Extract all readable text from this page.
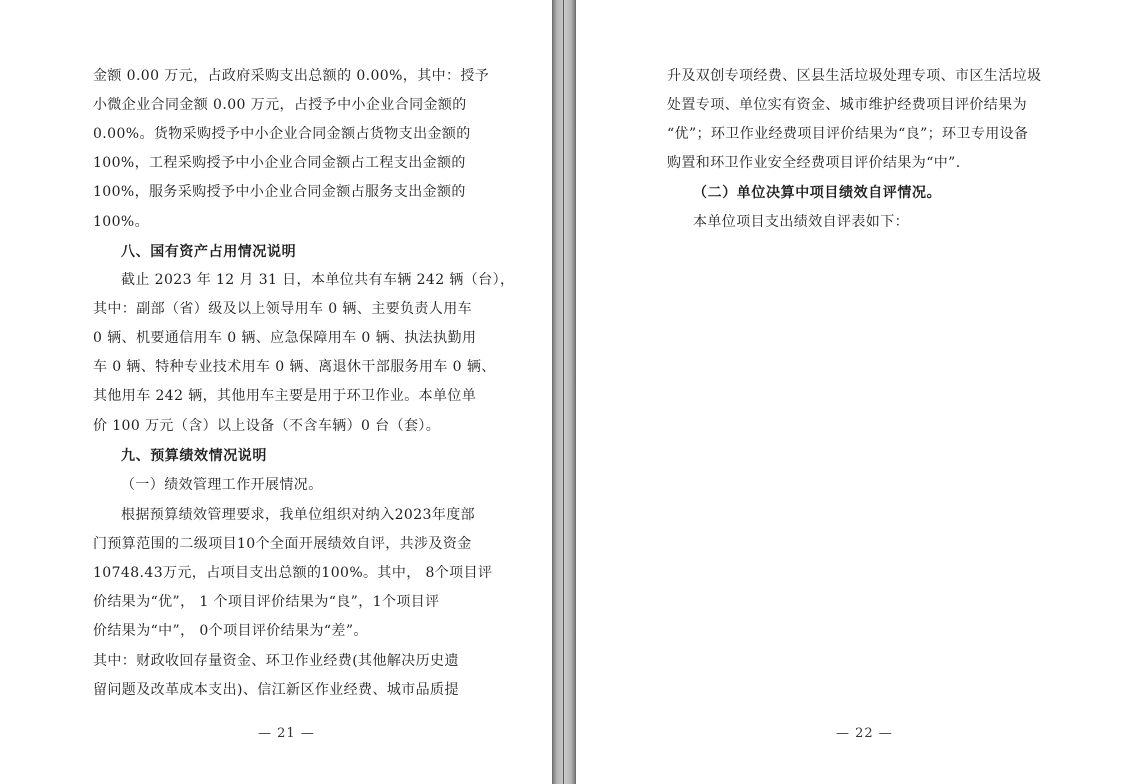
金额 0.00 万元，占政府采购支出总额的 0.00%，其中：授予
小微企业合同金额 0.00 万元，占授予中小企业合同金额的
0.00%。货物采购授予中小企业合同金额占货物支出金额的
100%，工程采购授予中小企业合同金额占工程支出金额的
100%，服务采购授予中小企业合同金额占服务支出金额的
100%。
八、国有资产占用情况说明
截止 2023 年 12 月 31 日，本单位共有车辆 242 辆（台），
其中：副部（省）级及以上领导用车 0 辆、主要负责人用车
0 辆、机要通信用车 0 辆、应急保障用车 0 辆、执法执勤用
车 0 辆、特种专业技术用车 0 辆、离退休干部服务用车 0 辆、
其他用车 242 辆，其他用车主要是用于环卫作业。本单位单
价 100 万元（含）以上设备（不含车辆）0 台（套）。
九、预算绩效情况说明
（一）绩效管理工作开展情况。
根据预算绩效管理要求，我单位组织对纳入2023年度部
门预算范围的二级项目10个全面开展绩效自评，共涉及资金
10748.43万元，占项目支出总额的100%。其中， 8个项目评
价结果为“优”， 1 个项目评价结果为“良”，1个项目评
价结果为“中”， 0个项目评价结果为“差”。
其中：财政收回存量资金、环卫作业经费(其他解决历史遗
留问题及改革成本支出)、信江新区作业经费、城市品质提
— 21 —
升及双创专项经费、区县生活垃圾处理专项、市区生活垃圾
处置专项、单位实有资金、城市维护经费项目评价结果为
“优”；环卫作业经费项目评价结果为“良”；环卫专用设备
购置和环卫作业安全经费项目评价结果为“中”.
（二）单位决算中项目绩效自评情况。
本单位项目支出绩效自评表如下：
— 22 —
